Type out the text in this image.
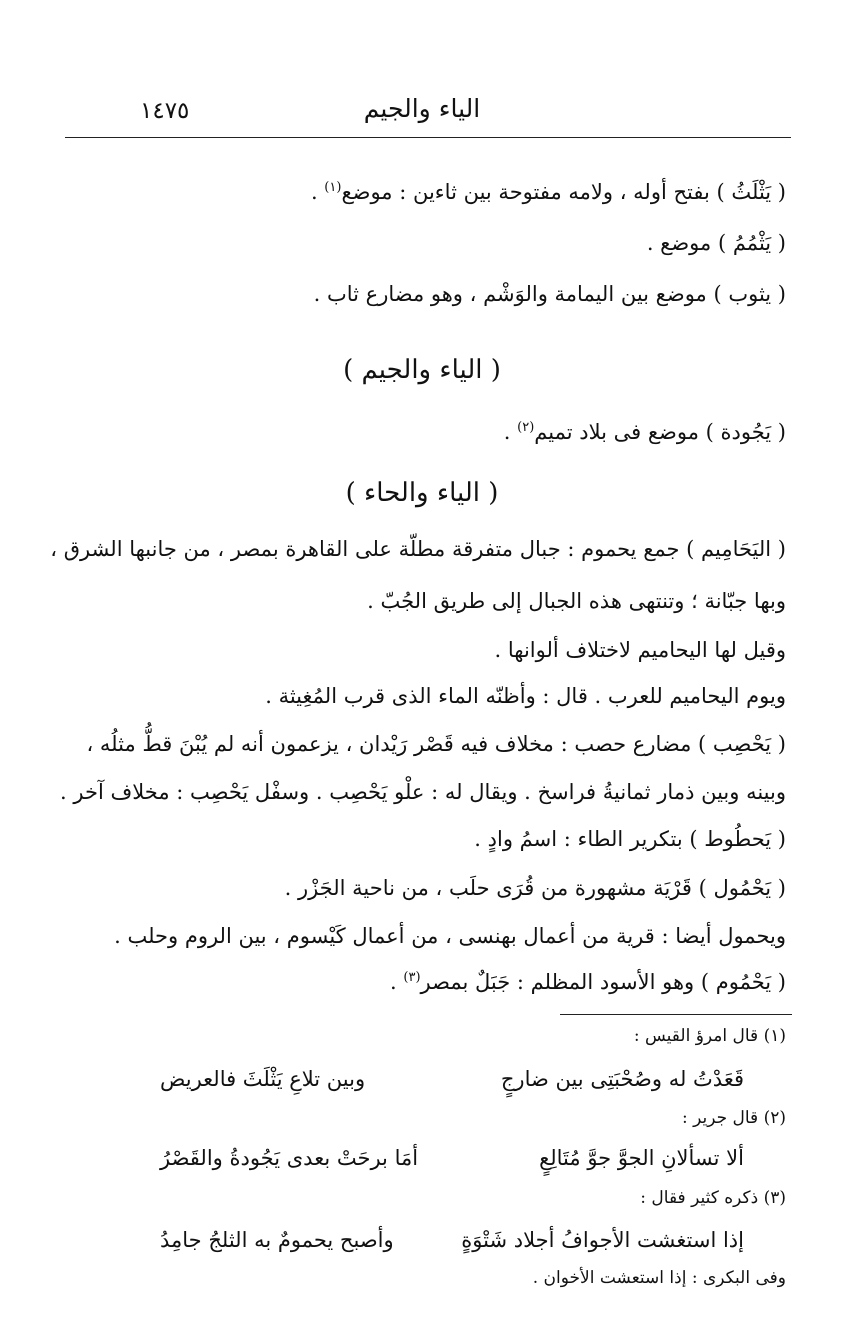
الياء والجيم
١٤٧٥
( يَثْلَثُ ) بفتح أوله ، ولامه مفتوحة بين ثاءين : موضع$^{(١)}$ .
( يَثْمُمُ ) موضع .
( يثوب ) موضع بين اليمامة والوَشْم ، وهو مضارع ثاب .
( الياء والجيم )
( يَجُودة ) موضع فى بلاد تميم$^{(٢)}$ .
( الياء والحاء )
( اليَحَامِيم ) جمع يحموم : جبال متفرقة مطلّة على القاهرة بمصر ، من جانبها الشرق ،
وبها جبّانة ؛ وتنتهى هذه الجبال إلى طريق الجُبّ .
وقيل لها اليحاميم لاختلاف ألوانها .
ويوم اليحاميم للعرب . قال : وأظنّه الماء الذى قرب المُغِيثة .
( يَحْصِب ) مضارع حصب : مخلاف فيه قَصْر رَيْدان ، يزعمون أنه لم يُبْنَ قطُّ مثلُه ،
وبينه وبين ذمار ثمانيةُ فراسخ . ويقال له : علْو يَحْصِب . وسفْل يَحْصِب : مخلاف آخر .
( يَحطُوط ) بتكرير الطاء : اسمُ وادٍ .
( يَحْمُول ) قَرْيَة مشهورة من قُرَى حلَب ، من ناحية الجَزْر .
ويحمول أيضا : قرية من أعمال بهنسى ، من أعمال كَيْسوم ، بين الروم وحلب .
( يَحْمُوم ) وهو الأسود المظلم : جَبَلٌ بمصر$^{(٣)}$ .
(١) قال امرؤ القيس :
قَعَدْتُ له وصُحْبَتِى بين ضارجٍ
وبين تلاعِ يَثْلَثَ فالعريض
(٢) قال جرير :
ألا تسألانِ الجوَّ جوَّ مُتَالِعٍ
أمَا برحَتْ بعدى يَجُودةُ والقَصْرُ
(٣) ذكره كثير فقال :
إذا استغشت الأجوافُ أجلاد شَتْوَةٍ
وأصبح يحمومٌ به الثلجُ جامِدُ
وفى البكرى : إذا استعشت الأخوان .
